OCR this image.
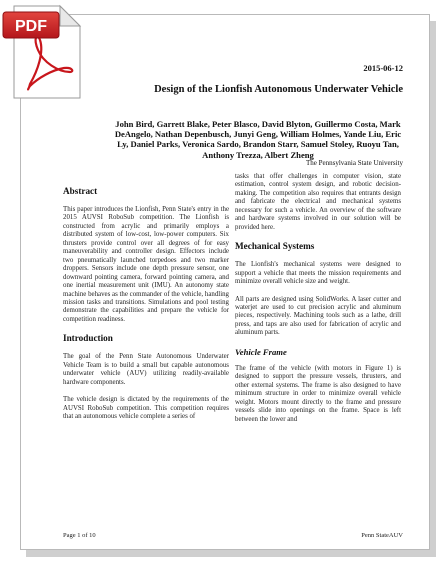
2015-06-12
Design of the Lionfish Autonomous Underwater Vehicle
John Bird, Garrett Blake, Peter Blasco, David Blyton, Guillermo Costa, Mark DeAngelo, Nathan Depenbusch, Junyi Geng, William Holmes, Yande Liu, Eric Ly, Daniel Parks, Veronica Sardo, Brandon Starr, Samuel Stoley, Ruoyu Tan, Anthony Trezza, Albert Zheng
The Pennsylvania State University
Abstract

This paper introduces the Lionfish, Penn State's entry in the 2015 AUVSI RoboSub competition. The Lionfish is constructed from acrylic and primarily employs a distributed system of low-cost, low-power computers. Six thrusters provide control over all degrees of for easy maneuverability and controller design. Effectors include two pneumatically launched torpedoes and two marker droppers. Sensors include one depth pressure sensor, one downward pointing camera, forward pointing camera, and one inertial measurement unit (IMU). An autonomy state machine behaves as the commander of the vehicle, handling mission tasks and transitions. Simulations and pool testing demonstrate the capabilities and prepare the vehicle for competition readiness.

Introduction

The goal of the Penn State Autonomous Underwater Vehicle Team is to build a small but capable autonomous underwater vehicle (AUV) utilizing readily-available hardware components.

The vehicle design is dictated by the requirements of the AUVSI RoboSub competition. This competition requires that an autonomous vehicle complete a series of

tasks that offer challenges in computer vision, state estimation, control system design, and robotic decision-making. The competition also requires that entrants design and fabricate the electrical and mechanical systems necessary for such a vehicle. An overview of the software and hardware systems involved in our solution will be provided here.

Mechanical Systems

The Lionfish's mechanical systems were designed to support a vehicle that meets the mission requirements and minimize overall vehicle size and weight.

All parts are designed using SolidWorks. A laser cutter and waterjet are used to cut precision acrylic and aluminum pieces, respectively. Machining tools such as a lathe, drill press, and taps are also used for fabrication of acrylic and aluminum parts.

Vehicle Frame

The frame of the vehicle (with motors in Figure 1) is designed to support the pressure vessels, thrusters, and other external systems. The frame is also designed to have minimum structure in order to minimize overall vehicle weight. Motors mount directly to the frame and pressure vessels slide into openings on the frame. Space is left between the lower and

Page 1 of 10	Penn StateAUV
PDF
